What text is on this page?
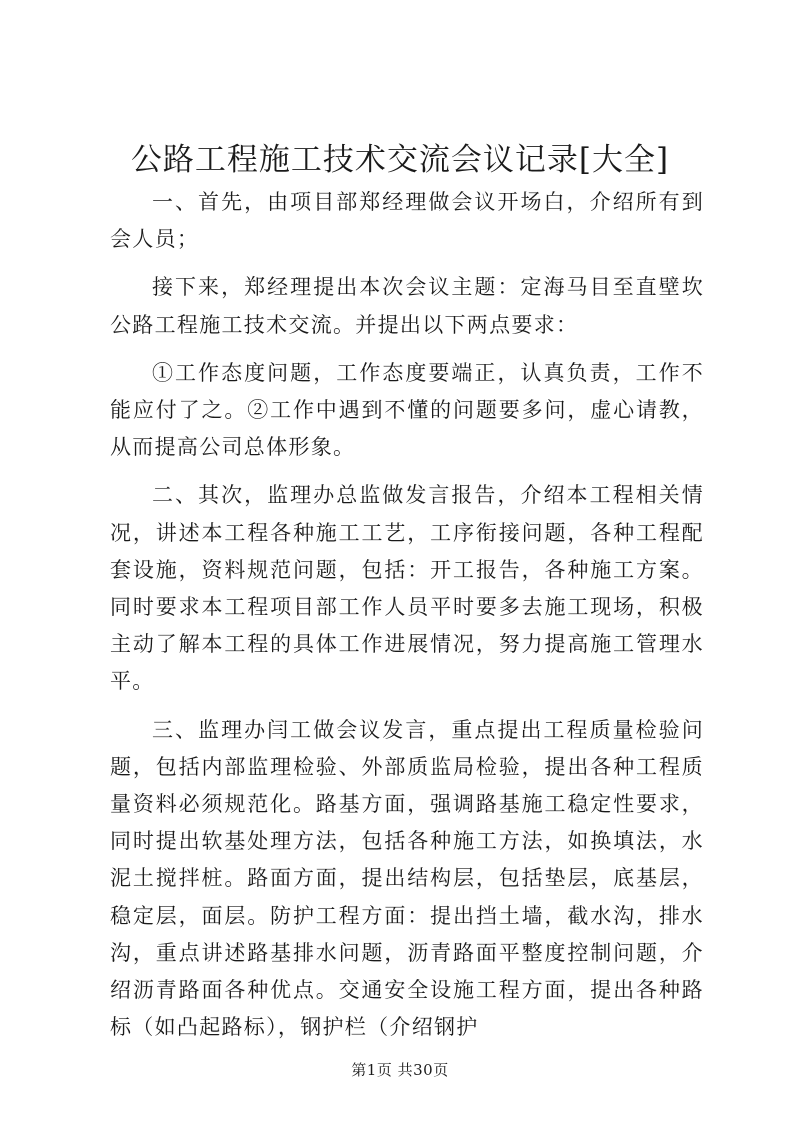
公路工程施工技术交流会议记录[大全]

一、首先，由项目部郑经理做会议开场白，介绍所有到会人员；

接下来，郑经理提出本次会议主题：定海马目至直壁坎公路工程施工技术交流。并提出以下两点要求：

①工作态度问题，工作态度要端正，认真负责，工作不能应付了之。②工作中遇到不懂的问题要多问，虚心请教，从而提高公司总体形象。

二、其次，监理办总监做发言报告，介绍本工程相关情况，讲述本工程各种施工工艺，工序衔接问题，各种工程配套设施，资料规范问题，包括：开工报告，各种施工方案。同时要求本工程项目部工作人员平时要多去施工现场，积极主动了解本工程的具体工作进展情况，努力提高施工管理水平。

三、监理办闫工做会议发言，重点提出工程质量检验问题，包括内部监理检验、外部质监局检验，提出各种工程质量资料必须规范化。路基方面，强调路基施工稳定性要求，同时提出软基处理方法，包括各种施工方法，如换填法，水泥土搅拌桩。路面方面，提出结构层，包括垫层，底基层，稳定层，面层。防护工程方面：提出挡土墙，截水沟，排水沟，重点讲述路基排水问题，沥青路面平整度控制问题，介绍沥青路面各种优点。交通安全设施工程方面，提出各种路标（如凸起路标），钢护栏（介绍钢护

第1页 共30页
